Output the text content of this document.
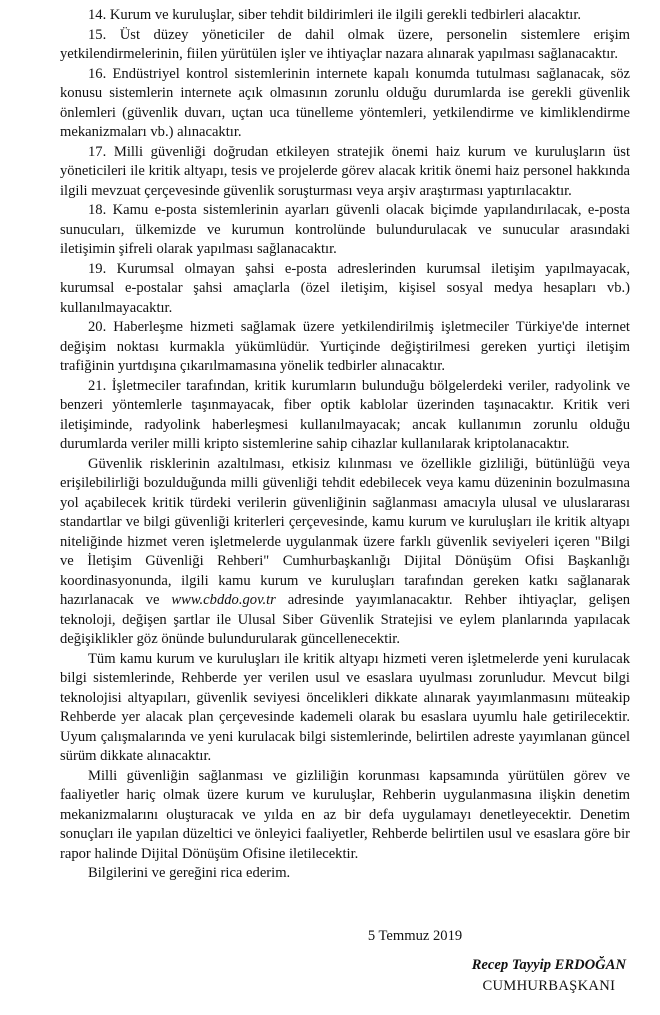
14. Kurum ve kuruluşlar, siber tehdit bildirimleri ile ilgili gerekli tedbirleri alacaktır.

15. Üst düzey yöneticiler de dahil olmak üzere, personelin sistemlere erişim yetkilendirmelerinin, fiilen yürütülen işler ve ihtiyaçlar nazara alınarak yapılması sağlanacaktır.

16. Endüstriyel kontrol sistemlerinin internete kapalı konumda tutulması sağlanacak, söz konusu sistemlerin internete açık olmasının zorunlu olduğu durumlarda ise gerekli güvenlik önlemleri (güvenlik duvarı, uçtan uca tünelleme yöntemleri, yetkilendirme ve kimliklendirme mekanizmaları vb.) alınacaktır.

17. Milli güvenliği doğrudan etkileyen stratejik önemi haiz kurum ve kuruluşların üst yöneticileri ile kritik altyapı, tesis ve projelerde görev alacak kritik önemi haiz personel hakkında ilgili mevzuat çerçevesinde güvenlik soruşturması veya arşiv araştırması yaptırılacaktır.

18. Kamu e-posta sistemlerinin ayarları güvenli olacak biçimde yapılandırılacak, e-posta sunucuları, ülkemizde ve kurumun kontrolünde bulundurulacak ve sunucular arasındaki iletişimin şifreli olarak yapılması sağlanacaktır.

19. Kurumsal olmayan şahsi e-posta adreslerinden kurumsal iletişim yapılmayacak, kurumsal e-postalar şahsi amaçlarla (özel iletişim, kişisel sosyal medya hesapları vb.) kullanılmayacaktır.

20. Haberleşme hizmeti sağlamak üzere yetkilendirilmiş işletmeciler Türkiye'de internet değişim noktası kurmakla yükümlüdür. Yurtiçinde değiştirilmesi gereken yurtiçi iletişim trafiğinin yurtdışına çıkarılmamasına yönelik tedbirler alınacaktır.

21. İşletmeciler tarafından, kritik kurumların bulunduğu bölgelerdeki veriler, radyolink ve benzeri yöntemlerle taşınmayacak, fiber optik kablolar üzerinden taşınacaktır. Kritik veri iletişiminde, radyolink haberleşmesi kullanılmayacak; ancak kullanımın zorunlu olduğu durumlarda veriler milli kripto sistemlerine sahip cihazlar kullanılarak kriptolanacaktır.

Güvenlik risklerinin azaltılması, etkisiz kılınması ve özellikle gizliliği, bütünlüğü veya erişilebilirliği bozulduğunda milli güvenliği tehdit edebilecek veya kamu düzeninin bozulmasına yol açabilecek kritik türdeki verilerin güvenliğinin sağlanması amacıyla ulusal ve uluslararası standartlar ve bilgi güvenliği kriterleri çerçevesinde, kamu kurum ve kuruluşları ile kritik altyapı niteliğinde hizmet veren işletmelerde uygulanmak üzere farklı güvenlik seviyeleri içeren "Bilgi ve İletişim Güvenliği Rehberi" Cumhurbaşkanlığı Dijital Dönüşüm Ofisi Başkanlığı koordinasyonunda, ilgili kamu kurum ve kuruluşları tarafından gereken katkı sağlanarak hazırlanacak ve www.cbddo.gov.tr adresinde yayımlanacaktır. Rehber ihtiyaçlar, gelişen teknoloji, değişen şartlar ile Ulusal Siber Güvenlik Stratejisi ve eylem planlarında yapılacak değişiklikler göz önünde bulundurularak güncellenecektir.

Tüm kamu kurum ve kuruluşları ile kritik altyapı hizmeti veren işletmelerde yeni kurulacak bilgi sistemlerinde, Rehberde yer verilen usul ve esaslara uyulması zorunludur. Mevcut bilgi teknolojisi altyapıları, güvenlik seviyesi öncelikleri dikkate alınarak yayımlanmasını müteakip Rehberde yer alacak plan çerçevesinde kademeli olarak bu esaslara uyumlu hale getirilecektir. Uyum çalışmalarında ve yeni kurulacak bilgi sistemlerinde, belirtilen adreste yayımlanan güncel sürüm dikkate alınacaktır.

Milli güvenliğin sağlanması ve gizliliğin korunması kapsamında yürütülen görev ve faaliyetler hariç olmak üzere kurum ve kuruluşlar, Rehberin uygulanmasına ilişkin denetim mekanizmalarını oluşturacak ve yılda en az bir defa uygulamayı denetleyecektir. Denetim sonuçları ile yapılan düzeltici ve önleyici faaliyetler, Rehberde belirtilen usul ve esaslara göre bir rapor halinde Dijital Dönüşüm Ofisine iletilecektir.

Bilgilerini ve gereğini rica ederim.

5 Temmuz 2019
Recep Tayyip ERDOĞAN
CUMHURBAŞKANI
